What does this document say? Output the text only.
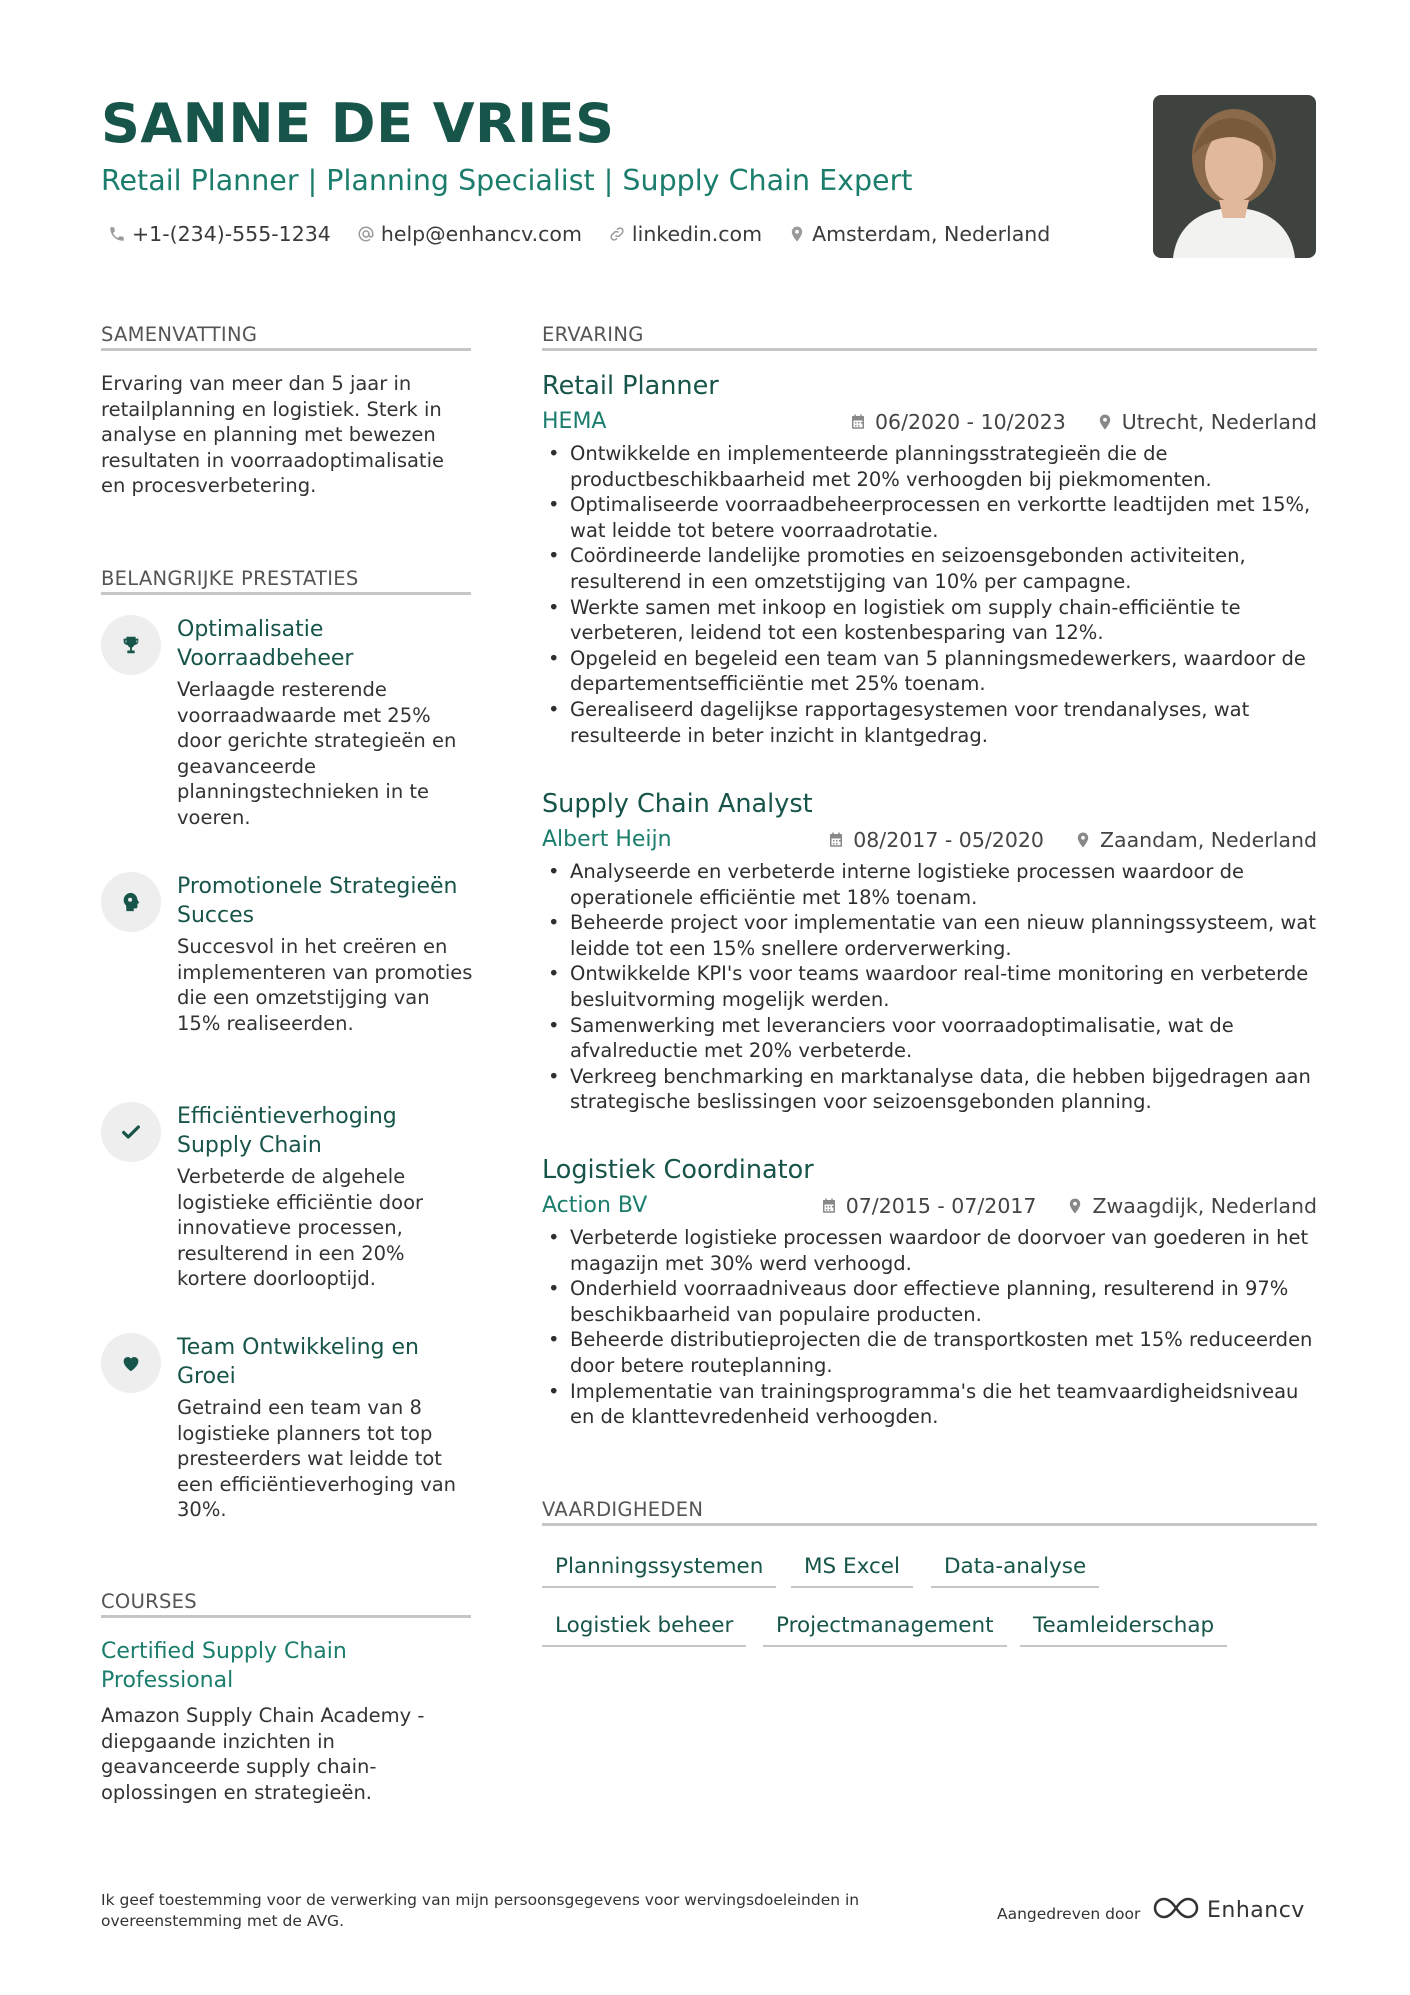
SANNE DE VRIES
Retail Planner | Planning Specialist | Supply Chain Expert
+1-(234)-555-1234 help@enhancv.com linkedin.com Amsterdam, Nederland
SAMENVATTING
Ervaring van meer dan 5 jaar in retailplanning en logistiek. Sterk in analyse en planning met bewezen resultaten in voorraadoptimalisatie en procesverbetering.
BELANGRIJKE PRESTATIES
Optimalisatie Voorraadbeheer
Verlaagde resterende voorraadwaarde met 25% door gerichte strategieën en geavanceerde planningstechnieken in te voeren.
Promotionele Strategieën Succes
Succesvol in het creëren en implementeren van promoties die een omzetstijging van 15% realiseerden.
Efficiëntieverhoging Supply Chain
Verbeterde de algehele logistieke efficiëntie door innovatieve processen, resulterend in een 20% kortere doorlooptijd.
Team Ontwikkeling en Groei
Getraind een team van 8 logistieke planners tot top presteerders wat leidde tot een efficiëntieverhoging van 30%.
COURSES
Certified Supply Chain Professional
Amazon Supply Chain Academy - diepgaande inzichten in geavanceerde supply chain-oplossingen en strategieën.
ERVARING
Retail Planner
HEMA	06/2020 - 10/2023	Utrecht, Nederland
• Ontwikkelde en implementeerde planningsstrategieën die de productbeschikbaarheid met 20% verhoogden bij piekmomenten.
• Optimaliseerde voorraadbeheerprocessen en verkortte leadtijden met 15%, wat leidde tot betere voorraadrotatie.
• Coördineerde landelijke promoties en seizoensgebonden activiteiten, resulterend in een omzetstijging van 10% per campagne.
• Werkte samen met inkoop en logistiek om supply chain-efficiëntie te verbeteren, leidend tot een kostenbesparing van 12%.
• Opgeleid en begeleid een team van 5 planningsmedewerkers, waardoor de departementsefficiëntie met 25% toenam.
• Gerealiseerd dagelijkse rapportagesystemen voor trendanalyses, wat resulteerde in beter inzicht in klantgedrag.
Supply Chain Analyst
Albert Heijn	08/2017 - 05/2020	Zaandam, Nederland
• Analyseerde en verbeterde interne logistieke processen waardoor de operationele efficiëntie met 18% toenam.
• Beheerde project voor implementatie van een nieuw planningssysteem, wat leidde tot een 15% snellere orderverwerking.
• Ontwikkelde KPI's voor teams waardoor real-time monitoring en verbeterde besluitvorming mogelijk werden.
• Samenwerking met leveranciers voor voorraadoptimalisatie, wat de afvalreductie met 20% verbeterde.
• Verkreeg benchmarking en marktanalyse data, die hebben bijgedragen aan strategische beslissingen voor seizoensgebonden planning.
Logistiek Coordinator
Action BV	07/2015 - 07/2017	Zwaagdijk, Nederland
• Verbeterde logistieke processen waardoor de doorvoer van goederen in het magazijn met 30% werd verhoogd.
• Onderhield voorraadniveaus door effectieve planning, resulterend in 97% beschikbaarheid van populaire producten.
• Beheerde distributieprojecten die de transportkosten met 15% reduceerden door betere routeplanning.
• Implementatie van trainingsprogramma's die het teamvaardigheidsniveau en de klanttevredenheid verhoogden.
VAARDIGHEDEN
Planningssystemen	MS Excel	Data-analyse
Logistiek beheer	Projectmanagement	Teamleiderschap
Ik geef toestemming voor de verwerking van mijn persoonsgegevens voor wervingsdoeleinden in overeenstemming met de AVG.	Aangedreven door	Enhancv
